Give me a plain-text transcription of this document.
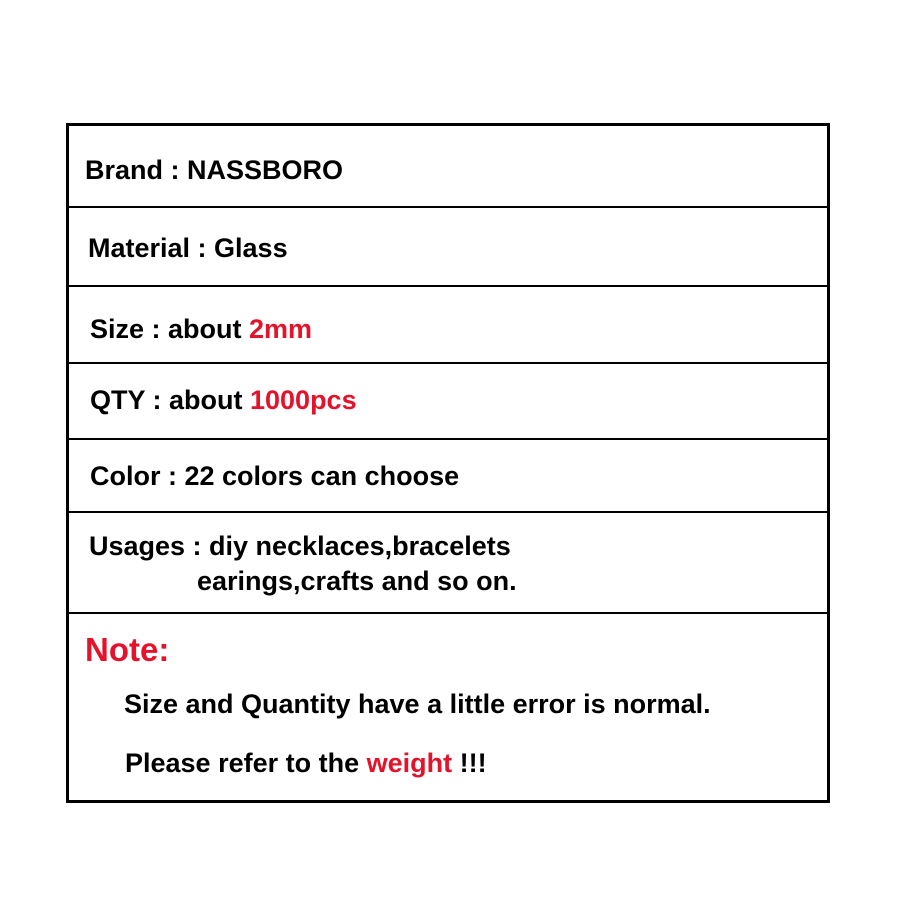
Brand : NASSBORO
Material : Glass
Size : about 2mm
QTY : about 1000pcs
Color : 22 colors can choose
Usages : diy necklaces,bracelets
earings,crafts and so on.
Note:
Size and Quantity have a little error is normal.
Please refer to the weight !!!
